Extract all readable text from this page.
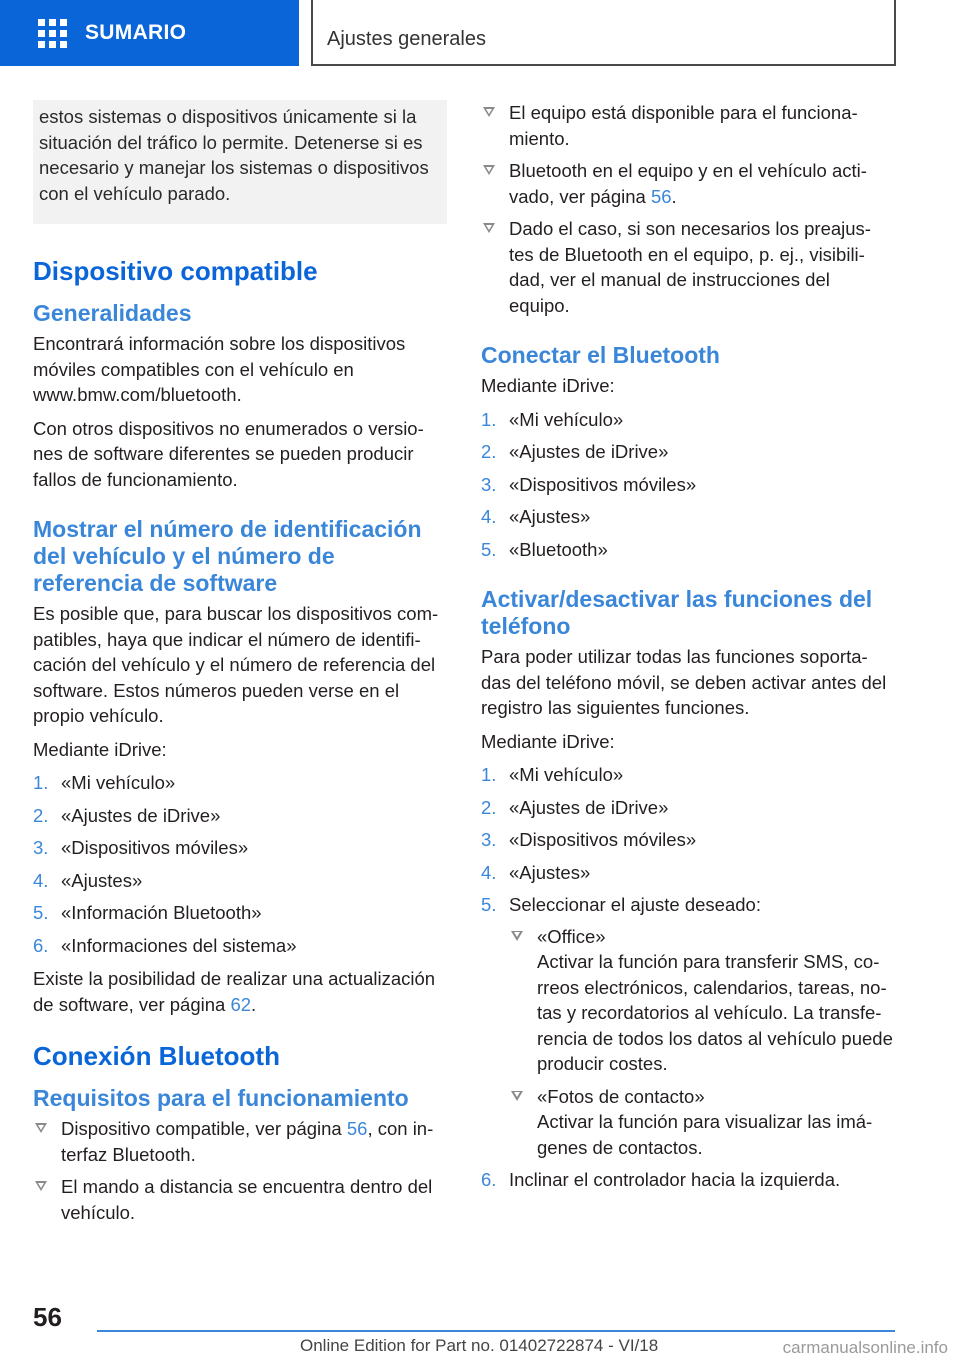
SUMARIO	Ajustes generales
estos sistemas o dispositivos únicamente si la situación del tráfico lo permite. Detenerse si es necesario y manejar los sistemas o dispositivos con el vehículo parado.
Dispositivo compatible
Generalidades

Encontrará información sobre los dispositivos móviles compatibles con el vehículo en www.bmw.com/bluetooth.

Con otros dispositivos no enumerados o versio‐ nes de software diferentes se pueden producir fallos de funcionamiento.

Mostrar el número de identificación del vehículo y el número de referencia de software

Es posible que, para buscar los dispositivos com‐ patibles, haya que indicar el número de identifi‐ cación del vehículo y el número de referencia del software. Estos números pueden verse en el propio vehículo.

Mediante iDrive:

1. «Mi vehículo»
2. «Ajustes de iDrive»
3. «Dispositivos móviles»
4. «Ajustes»
5. «Información Bluetooth»
6. «Informaciones del sistema»

Existe la posibilidad de realizar una actualización de software, ver página 62.

Conexión Bluetooth
Requisitos para el funcionamiento
Dispositivo compatible, ver página 56, con in‐ terfaz Bluetooth.
El mando a distancia se encuentra dentro del vehículo.
El equipo está disponible para el funciona‐ miento.
Bluetooth en el equipo y en el vehículo acti‐ vado, ver página 56.
Dado el caso, si son necesarios los preajus‐ tes de Bluetooth en el equipo, p. ej., visibili‐ dad, ver el manual de instrucciones del equipo.
Conectar el Bluetooth

Mediante iDrive:

1. «Mi vehículo»
2. «Ajustes de iDrive»
3. «Dispositivos móviles»
4. «Ajustes»
5. «Bluetooth»
Activar/desactivar las funciones del teléfono

Para poder utilizar todas las funciones soporta‐ das del teléfono móvil, se deben activar antes del registro las siguientes funciones.

Mediante iDrive:

1. «Mi vehículo»
2. «Ajustes de iDrive»
3. «Dispositivos móviles»
4. «Ajustes»
5. Seleccionar el ajuste deseado:
«Office»
Activar la función para transferir SMS, co‐ rreos electrónicos, calendarios, tareas, no‐ tas y recordatorios al vehículo. La transfe‐ rencia de todos los datos al vehículo puede producir costes.
«Fotos de contacto»
Activar la función para visualizar las imá‐ genes de contactos.
6. Inclinar el controlador hacia la izquierda.
56
Online Edition for Part no. 01402722874 - VI/18	carmanualsonline.info
